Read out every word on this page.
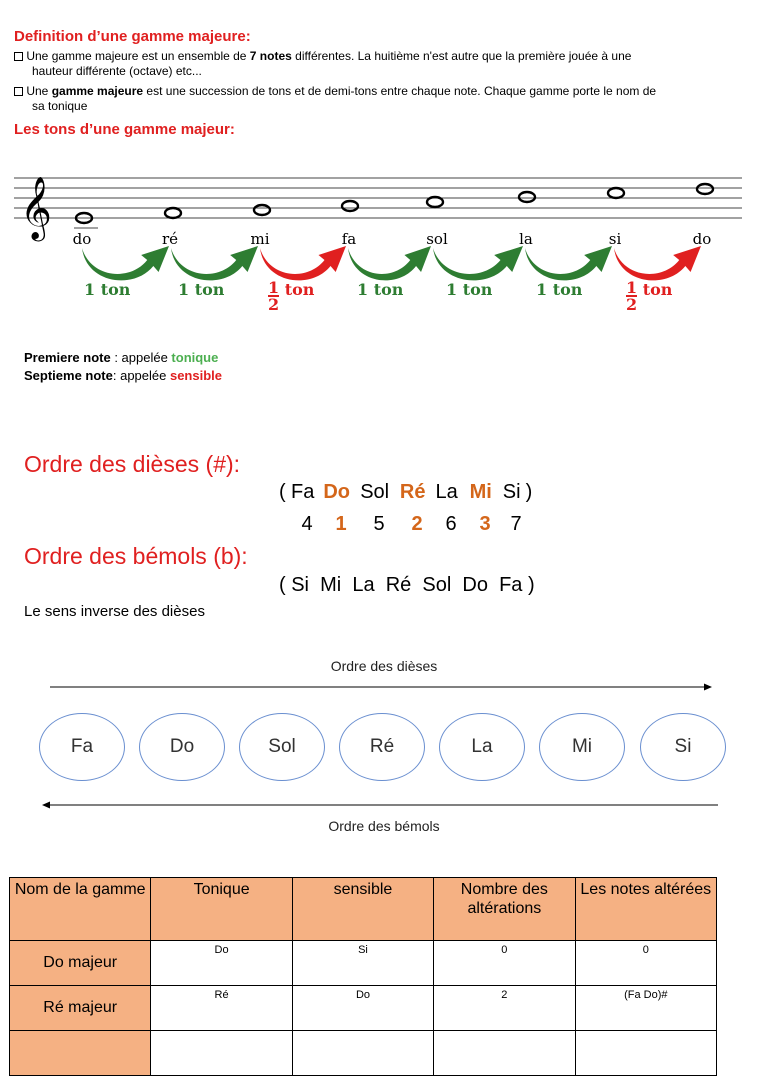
Definition d’une gamme majeure:
Une gamme majeure est un ensemble de 7 notes différentes. La huitième n'est autre que la première jouée à une
hauteur différente (octave) etc...
Une gamme majeure est une succession de tons et de demi-tons entre chaque note. Chaque gamme porte le nom de
sa tonique
Les tons d’une gamme majeur:
𝄞	do	ré	mi	fa	sol	la	si	do
1 ton	1 ton	$\frac{1}{2}$ ton	1 ton	1 ton	1 ton	$\frac{1}{2}$ ton
Premiere note : appelée tonique
Septieme note: appelée sensible
Ordre des dièses (#):
(Fa Do Sol Ré La Mi Si )
4 1 5 2 6 3 7
Ordre des bémols (b):
( Si  Mi  La  Ré  Sol  Do  Fa )
Le sens inverse des dièses
Ordre des dièses
Fa	Do	Sol	Ré	La	Mi	Si
Ordre des bémols
Nom de la gamme	Tonique	sensible	Nombre des altérations	Les notes altérées
Do majeur	Do	Si	0	0
Ré majeur	Ré	Do	2	(Fa Do)#
